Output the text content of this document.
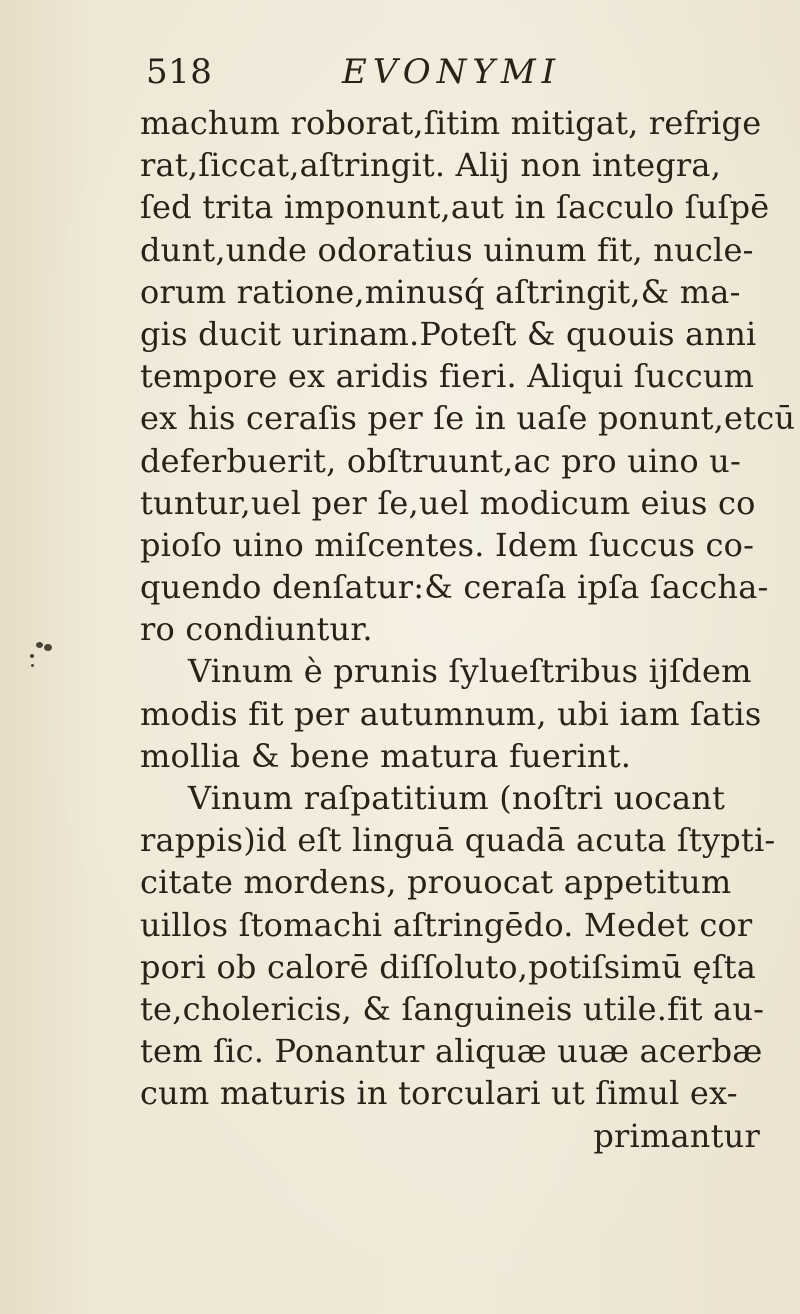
518	EVONYMI
machum roborat,ſitim mitigat, refrige
rat,ſiccat,aſtringit. Alij non integra,
ſed trita imponunt,aut in ſacculo ſuſpē
dunt,unde odoratius uinum fit, nucle-
orum ratione,minusq́ aſtringit,& ma-
gis ducit urinam.Poteſt & quouis anni
tempore ex aridis fieri. Aliqui ſuccum
ex his ceraſis per ſe in uaſe ponunt,etcū
deferbuerit, obſtruunt,ac pro uino u-
tuntur,uel per ſe,uel modicum eius co
pioſo uino miſcentes. Idem ſuccus co-
quendo denſatur:& ceraſa ipſa ſaccha-
ro condiuntur.
Vinum è prunis ſylueſtribus ijſdem
modis fit per autumnum, ubi iam ſatis
mollia & bene matura fuerint.
Vinum raſpatitium (noſtri uocant
rappis)id eſt linguā quadā acuta ſtypti-
citate mordens, prouocat appetitum
uillos ſtomachi aſtringēdo. Medet cor
pori ob calorē diſſoluto,potiſsimū ęſta
te,cholericis, & ſanguineis utile.fit au-
tem ſic. Ponantur aliquæ uuæ acerbæ
cum maturis in torculari ut ſimul ex-
primantur
